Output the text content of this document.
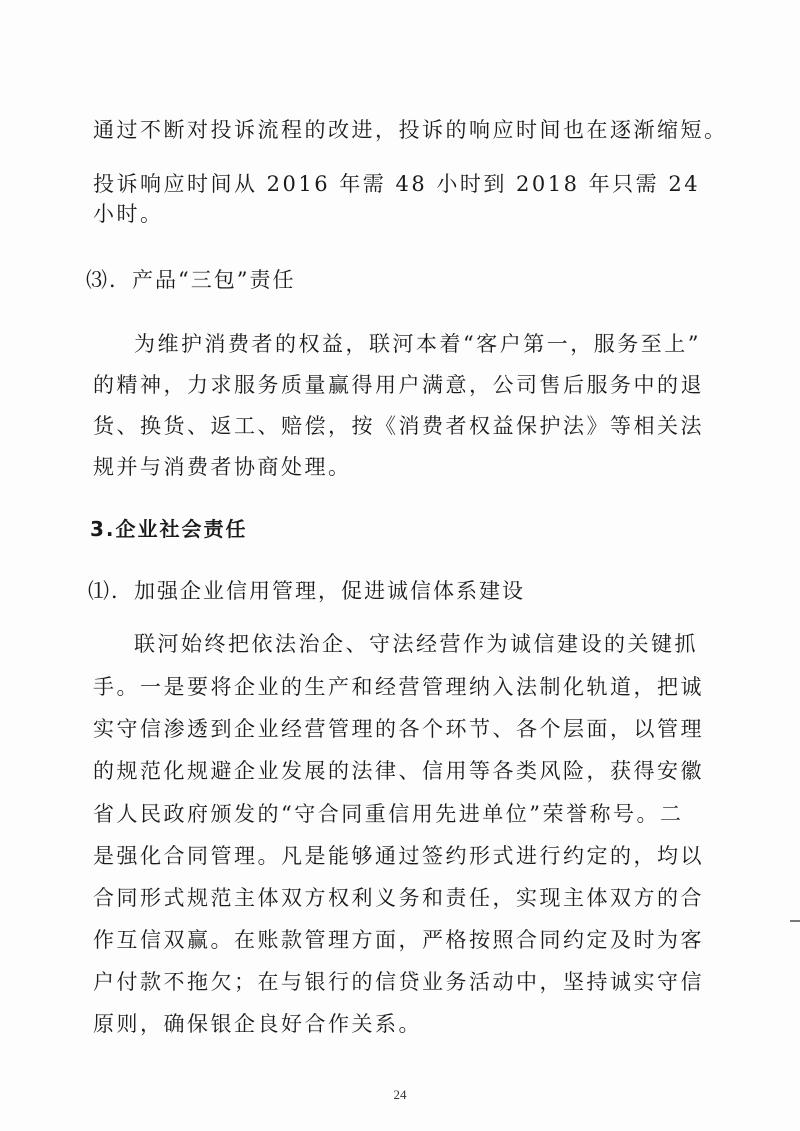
通过不断对投诉流程的改进，投诉的响应时间也在逐渐缩短。
投诉响应时间从 2016 年需 48 小时到 2018 年只需 24
小时。
⑶．产品“三包”责任
为维护消费者的权益，联河本着“客户第一，服务至上”
的精神，力求服务质量赢得用户满意，公司售后服务中的退
货、换货、返工、赔偿，按《消费者权益保护法》等相关法
规并与消费者协商处理。
3.企业社会责任
⑴．加强企业信用管理，促进诚信体系建设
联河始终把依法治企、守法经营作为诚信建设的关键抓
手。一是要将企业的生产和经营管理纳入法制化轨道，把诚
实守信渗透到企业经营管理的各个环节、各个层面，以管理
的规范化规避企业发展的法律、信用等各类风险，获得安徽
省人民政府颁发的“守合同重信用先进单位”荣誉称号。二
是强化合同管理。凡是能够通过签约形式进行约定的，均以
合同形式规范主体双方权利义务和责任，实现主体双方的合
作互信双赢。在账款管理方面，严格按照合同约定及时为客
户付款不拖欠；在与银行的信贷业务活动中，坚持诚实守信
原则，确保银企良好合作关系。
24
